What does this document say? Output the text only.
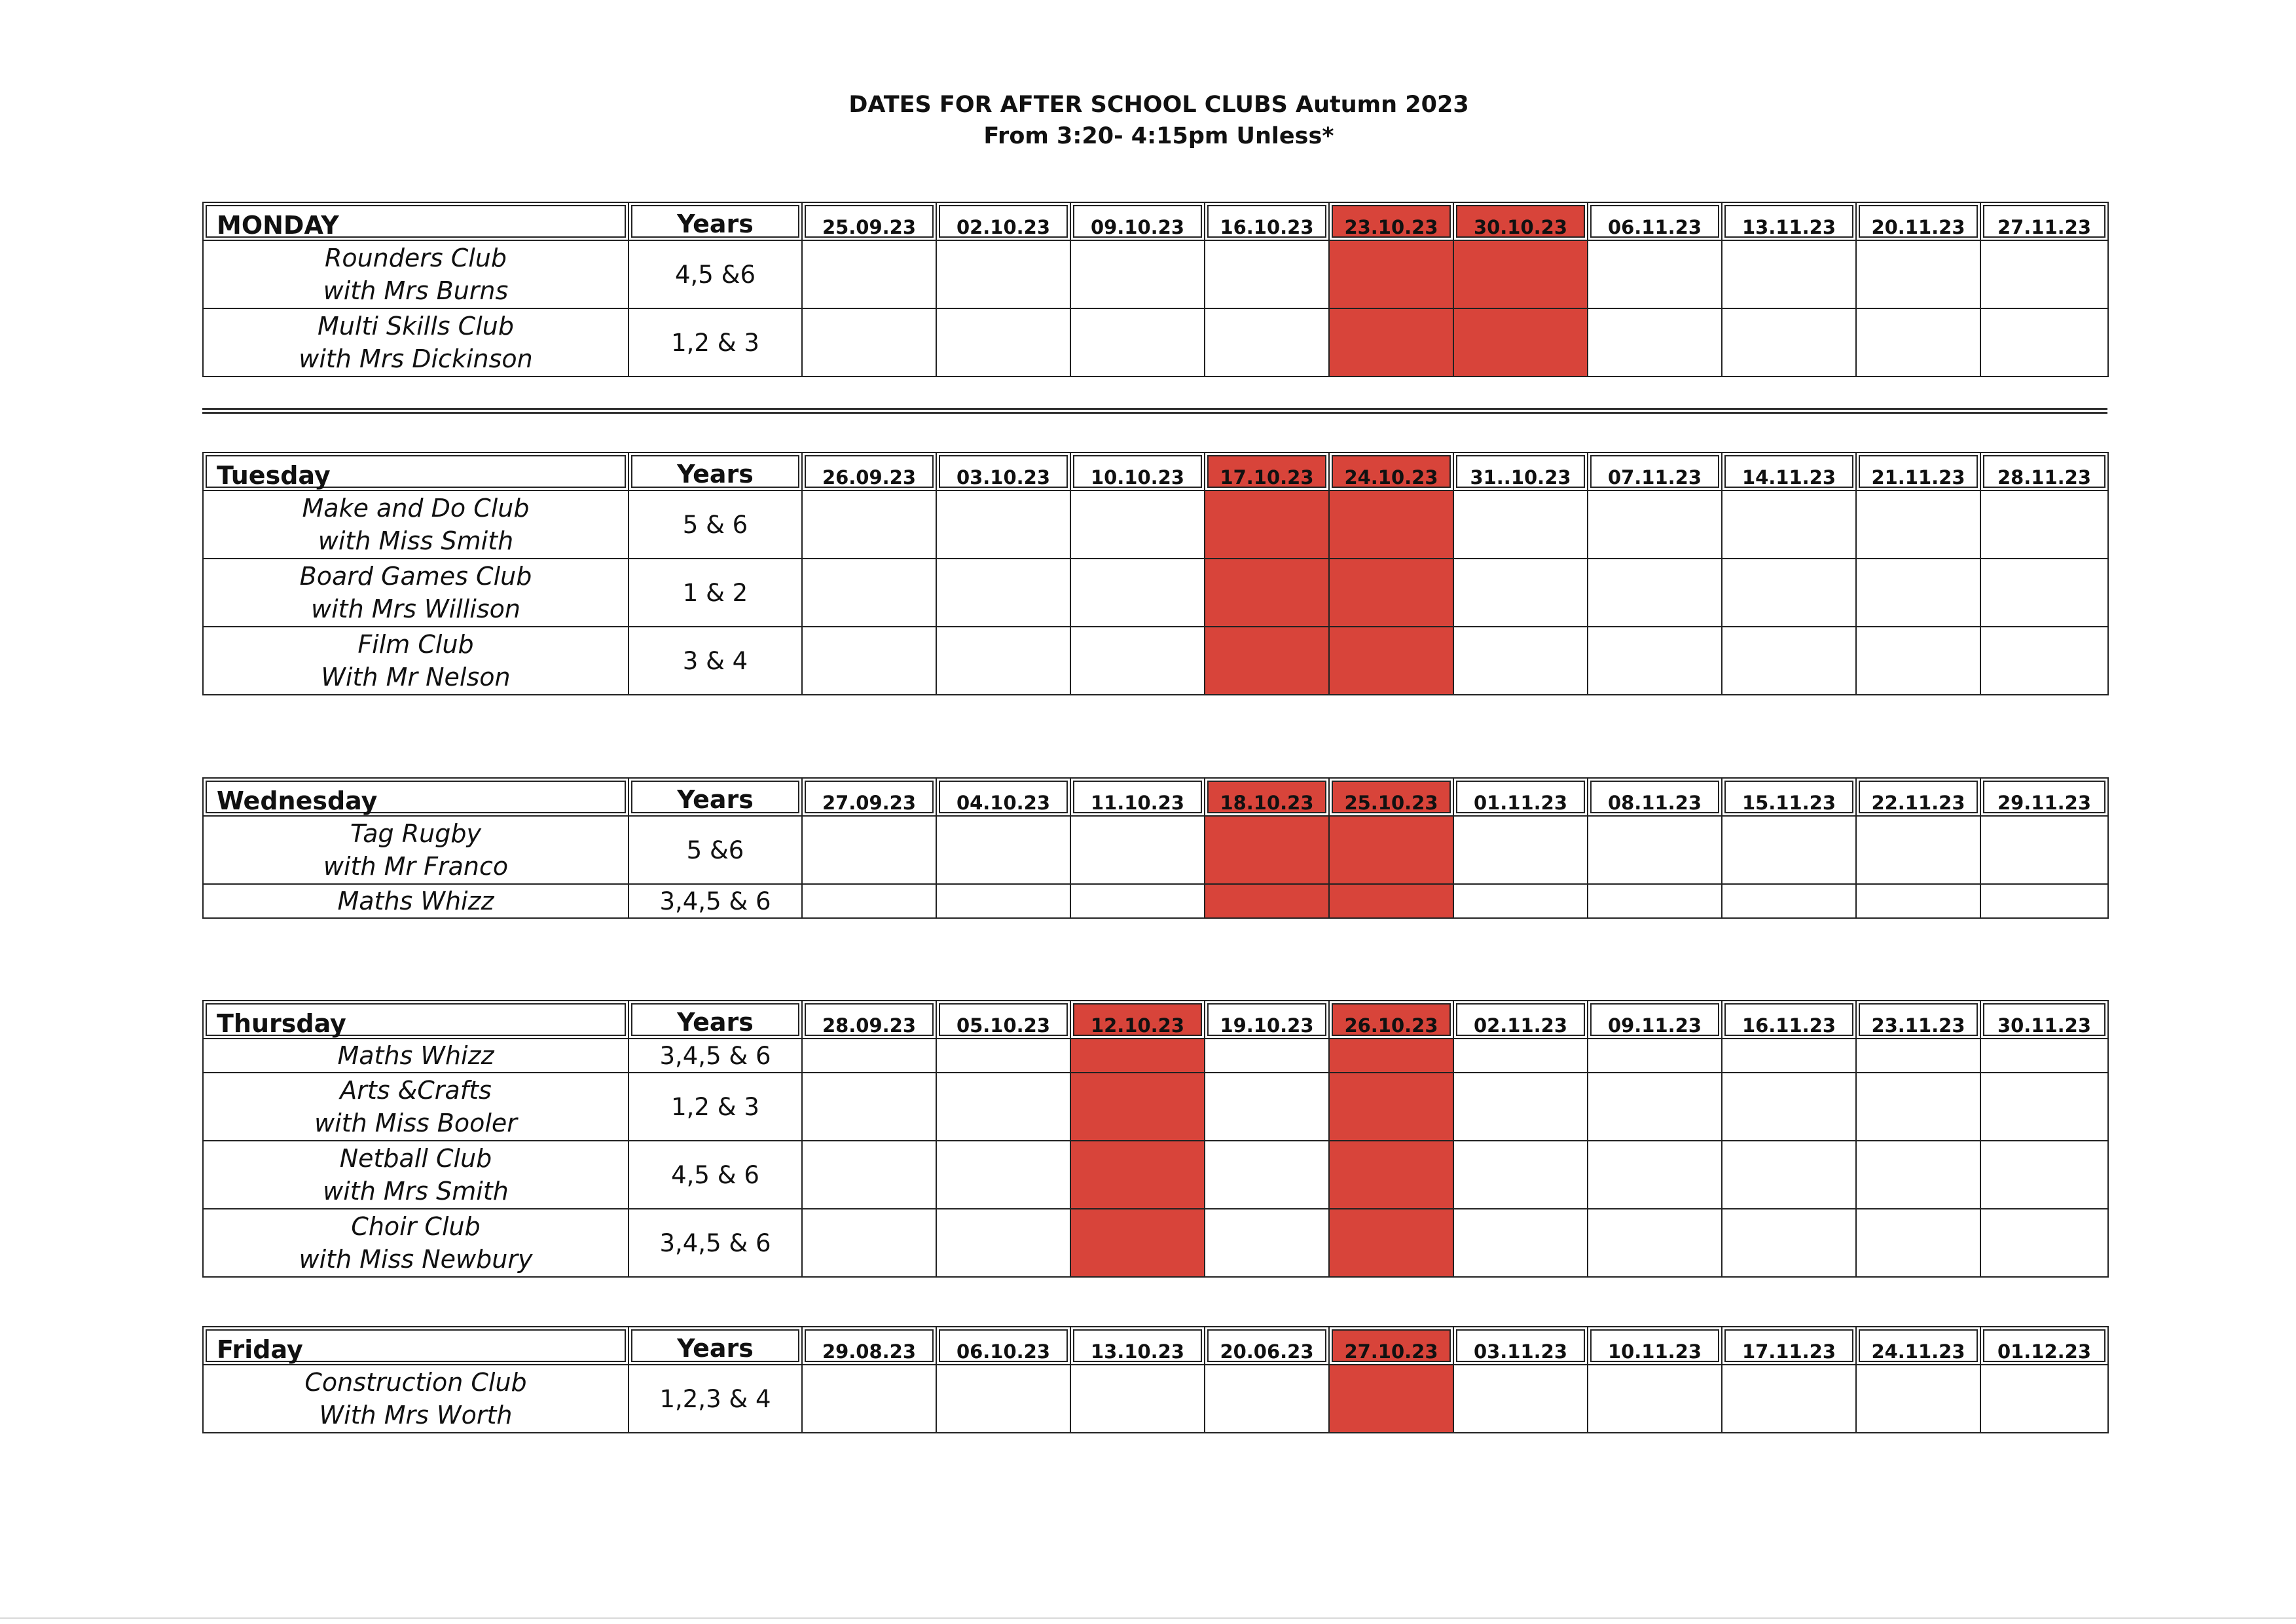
DATES FOR AFTER SCHOOL CLUBS Autumn 2023
From 3:20- 4:15pm Unless*
MONDAY	Years	25.09.23	02.10.23	09.10.23	16.10.23	23.10.23	30.10.23	06.11.23	13.11.23	20.11.23	27.11.23

Rounders Club
with Mrs Burns	4,5 &6										

Multi Skills Club
with Mrs Dickinson	1,2 & 3										
Tuesday	Years	26.09.23	03.10.23	10.10.23	17.10.23	24.10.23	31..10.23	07.11.23	14.11.23	21.11.23	28.11.23

Make and Do Club
with Miss Smith	5 & 6										

Board Games Club
with Mrs Willison	1 & 2										

Film Club
With Mr Nelson	3 & 4										
Wednesday	Years	27.09.23	04.10.23	11.10.23	18.10.23	25.10.23	01.11.23	08.11.23	15.11.23	22.11.23	29.11.23

Tag Rugby
with Mr Franco	5 &6										

Maths Whizz	3,4,5 & 6										
Thursday	Years	28.09.23	05.10.23	12.10.23	19.10.23	26.10.23	02.11.23	09.11.23	16.11.23	23.11.23	30.11.23

Maths Whizz	3,4,5 & 6										

Arts &Crafts
with Miss Booler	1,2 & 3										

Netball Club
with Mrs Smith	4,5 & 6										

Choir Club
with Miss Newbury	3,4,5 & 6										
Friday	Years	29.08.23	06.10.23	13.10.23	20.06.23	27.10.23	03.11.23	10.11.23	17.11.23	24.11.23	01.12.23

Construction Club
With Mrs Worth	1,2,3 & 4										
